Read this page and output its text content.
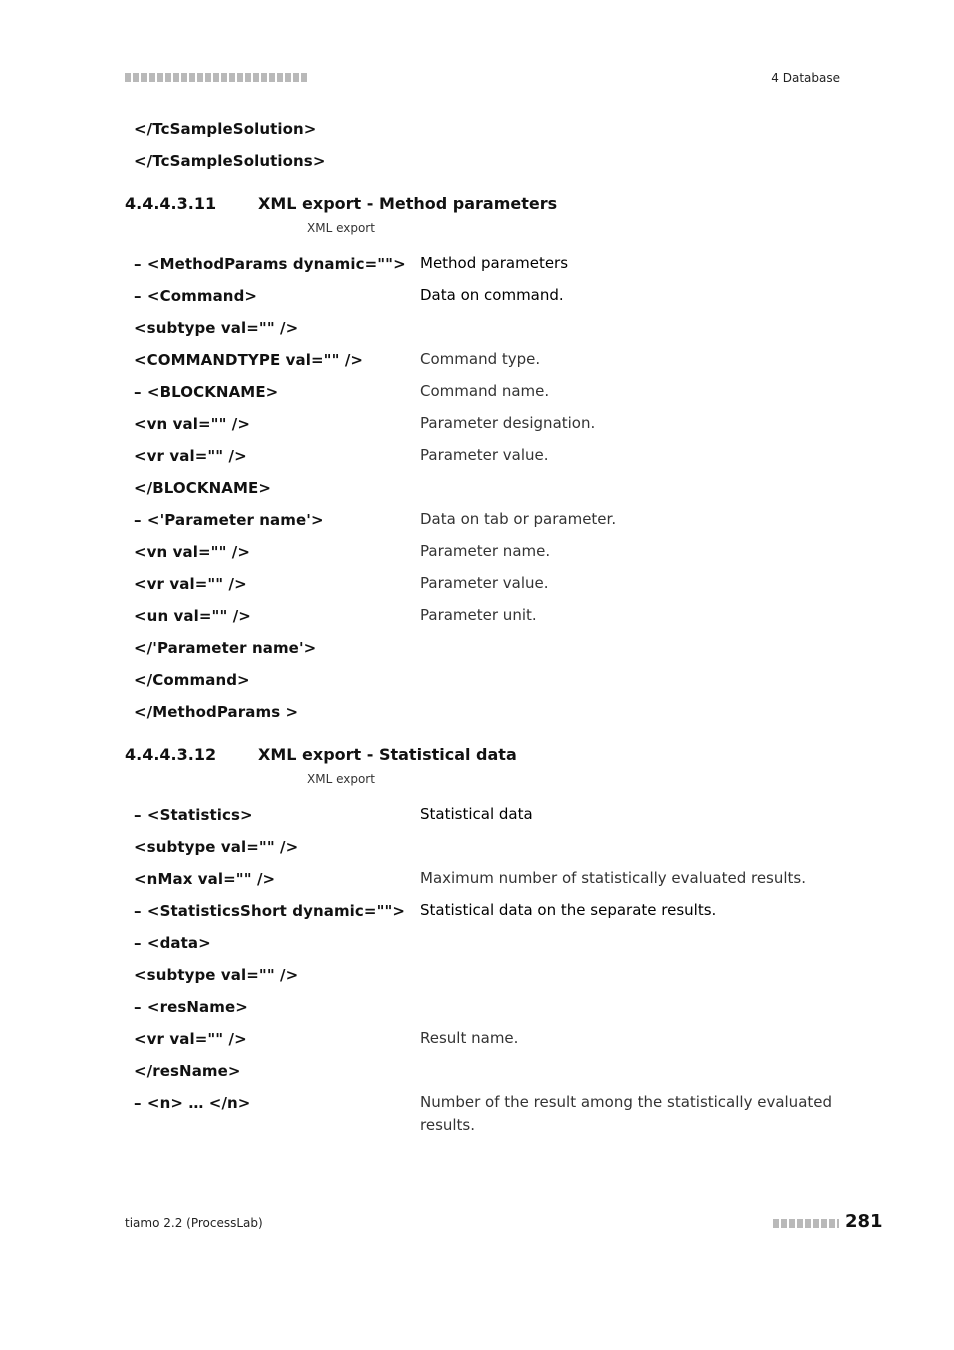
4 Database
</TcSampleSolution>
</TcSampleSolutions>
4.4.4.3.11	XML export - Method parameters
XML export
– <MethodParams dynamic=""> Method parameters
– <Command>	Data on command.
<subtype val="" />
<COMMANDTYPE val="" />	Command type.
– <BLOCKNAME>	Command name.
<vn val="" />	Parameter designation.
<vr val="" />	Parameter value.
</BLOCKNAME>
– <'Parameter name'>	Data on tab or parameter.
<vn val="" />	Parameter name.
<vr val="" />	Parameter value.
<un val="" />	Parameter unit.
</'Parameter name'>
</Command>
</MethodParams >
4.4.4.3.12	XML export - Statistical data
XML export
– <Statistics>	Statistical data
<subtype val="" />
<nMax val="" />	Maximum number of statistically evaluated results.
– <StatisticsShort dynamic=""> Statistical data on the separate results.
– <data>
<subtype val="" />
– <resName>
<vr val="" />	Result name.
</resName>
– <n> … </n>	Number of the result among the statistically evaluated results.
tiamo 2.2 (ProcessLab)	281
